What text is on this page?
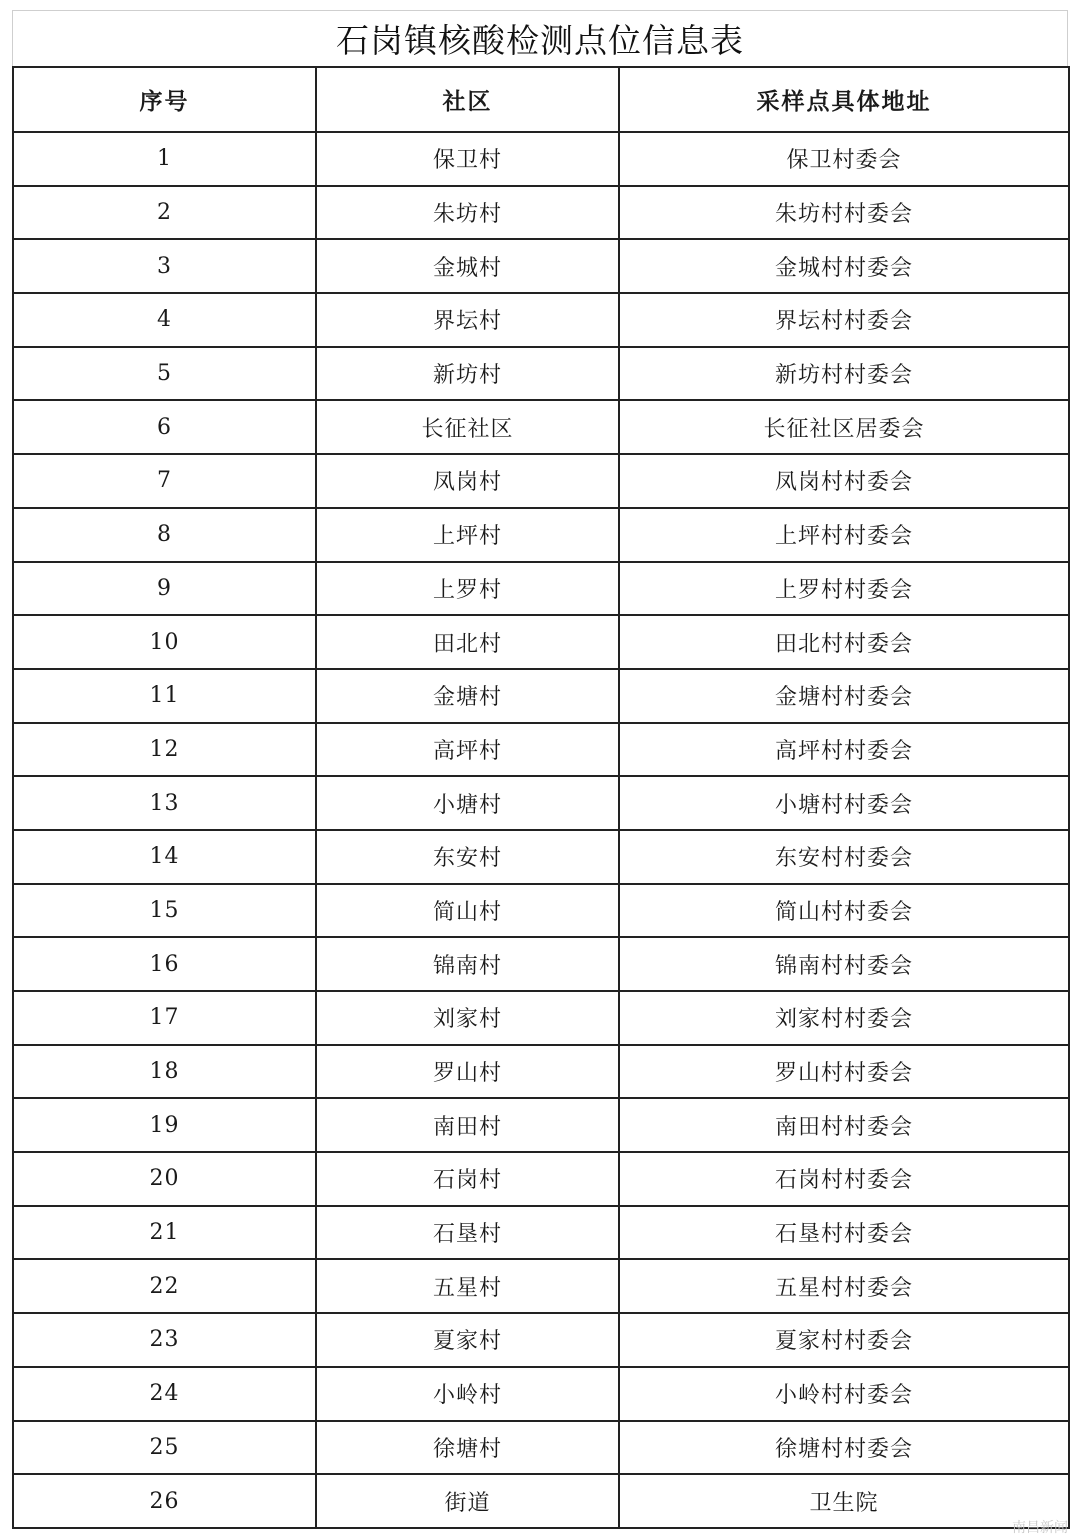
石岗镇核酸检测点位信息表
序号	社区	采样点具体地址
1	保卫村	保卫村委会
2	朱坊村	朱坊村村委会
3	金城村	金城村村委会
4	界坛村	界坛村村委会
5	新坊村	新坊村村委会
6	长征社区	长征社区居委会
7	凤岗村	凤岗村村委会
8	上坪村	上坪村村委会
9	上罗村	上罗村村委会
10	田北村	田北村村委会
11	金塘村	金塘村村委会
12	高坪村	高坪村村委会
13	小塘村	小塘村村委会
14	东安村	东安村村委会
15	简山村	简山村村委会
16	锦南村	锦南村村委会
17	刘家村	刘家村村委会
18	罗山村	罗山村村委会
19	南田村	南田村村委会
20	石岗村	石岗村村委会
21	石垦村	石垦村村委会
22	五星村	五星村村委会
23	夏家村	夏家村村委会
24	小岭村	小岭村村委会
25	徐塘村	徐塘村村委会
26	街道	卫生院
南昌新闻
